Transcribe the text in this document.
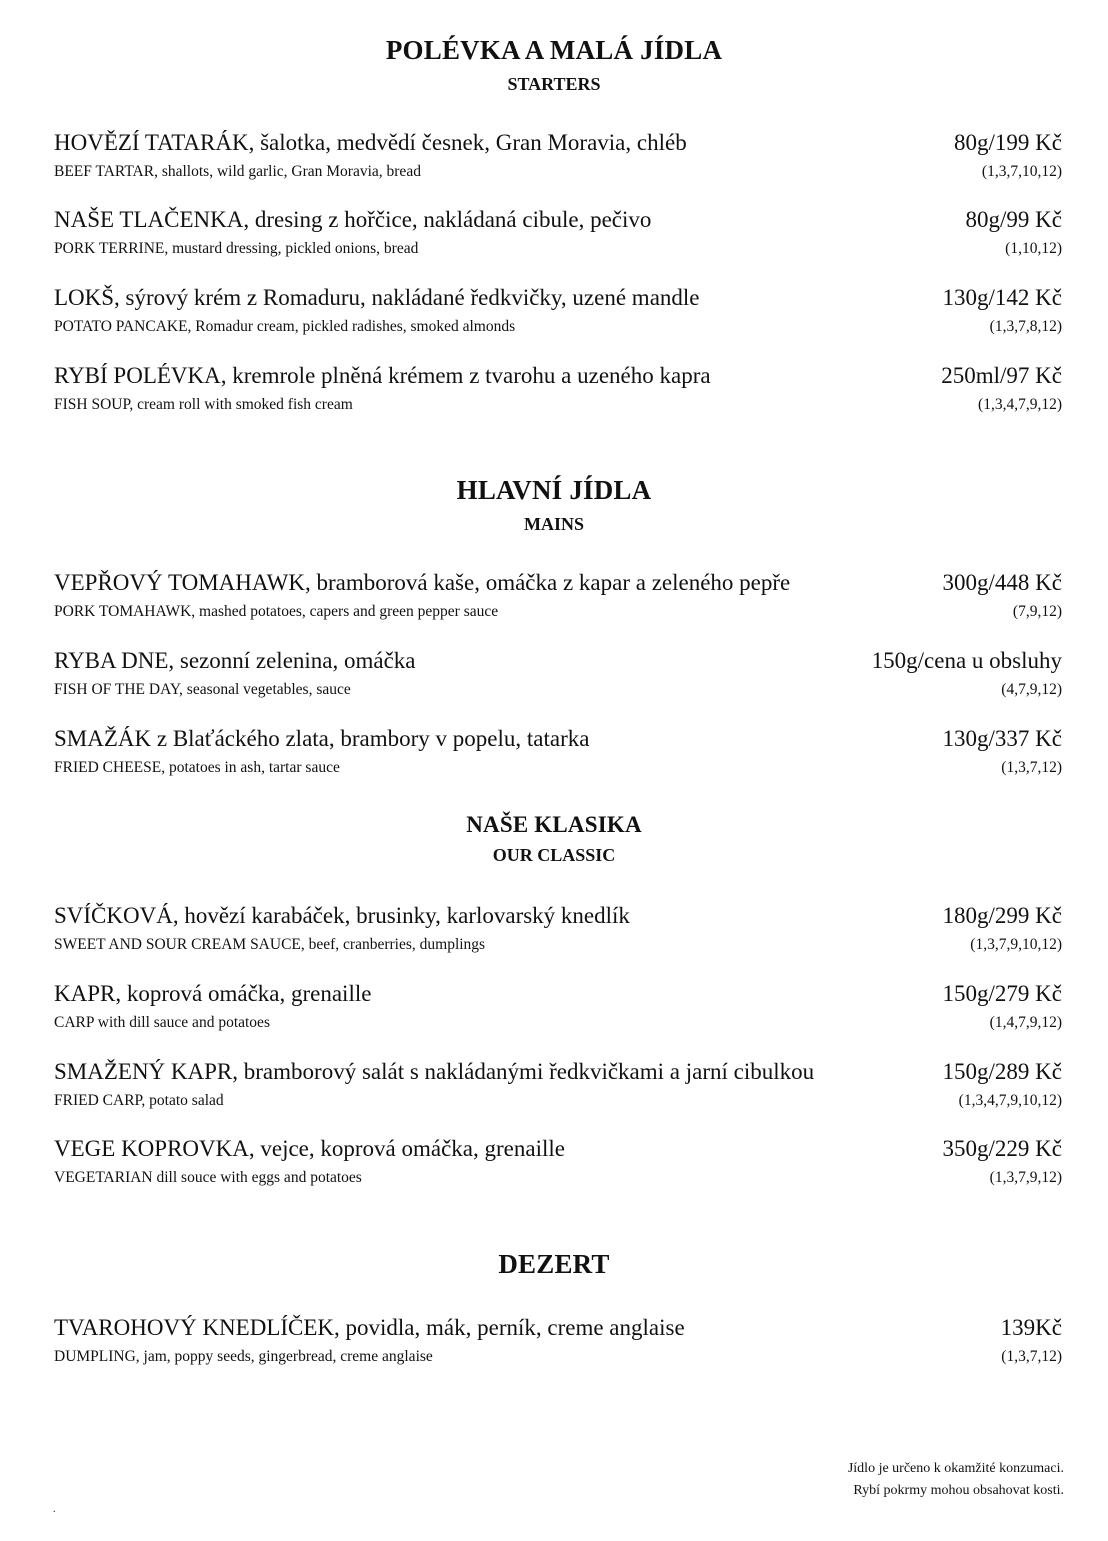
POLÉVKA A MALÁ JÍDLA
STARTERS
HOVĚZÍ TATARÁK, šalotka, medvědí česnek, Gran Moravia, chléb
BEEF TARTAR, shallots, wild garlic, Gran Moravia, bread
80g/199 Kč
(1,3,7,10,12)
NAŠE TLAČENKA, dresing z hořčice, nakládaná cibule, pečivo
PORK TERRINE, mustard dressing, pickled onions, bread
80g/99 Kč
(1,10,12)
LOKŠ, sýrový krém z Romaduru, nakládané ředkvičky, uzené mandle
POTATO PANCAKE, Romadur cream, pickled radishes, smoked almonds
130g/142 Kč
(1,3,7,8,12)
RYBÍ POLÉVKA, kremrole plněná krémem z tvarohu a uzeného kapra
FISH SOUP, cream roll with smoked fish cream
250ml/97 Kč
(1,3,4,7,9,12)
HLAVNÍ JÍDLA
MAINS
VEPŘOVÝ TOMAHAWK, bramborová kaše, omáčka z kapar a zeleného pepře
PORK TOMAHAWK, mashed potatoes, capers and green pepper sauce
300g/448 Kč
(7,9,12)
RYBA DNE, sezonní zelenina, omáčka
FISH OF THE DAY, seasonal vegetables, sauce
150g/cena u obsluhy
(4,7,9,12)
SMAŽÁK z Blaťáckého zlata, brambory v popelu, tatarka
FRIED CHEESE, potatoes in ash, tartar sauce
130g/337 Kč
(1,3,7,12)
NAŠE KLASIKA
OUR CLASSIC
SVÍČKOVÁ, hovězí karabáček, brusinky, karlovarský knedlík
SWEET AND SOUR CREAM SAUCE, beef, cranberries, dumplings
180g/299 Kč
(1,3,7,9,10,12)
KAPR, koprová omáčka, grenaille
CARP with dill sauce and potatoes
150g/279 Kč
(1,4,7,9,12)
SMAŽENÝ KAPR, bramborový salát s nakládanými ředkvičkami a jarní cibulkou
FRIED CARP, potato salad
150g/289 Kč
(1,3,4,7,9,10,12)
VEGE KOPROVKA, vejce, koprová omáčka, grenaille
VEGETARIAN dill souce with eggs and potatoes
350g/229 Kč
(1,3,7,9,12)
DEZERT
TVAROHOVÝ KNEDLÍČEK, povidla, mák, perník, creme anglaise
DUMPLING, jam, poppy seeds, gingerbread, creme anglaise
139Kč
(1,3,7,12)
Jídlo je určeno k okamžité konzumaci.
Rybí pokrmy mohou obsahovat kosti.
.
